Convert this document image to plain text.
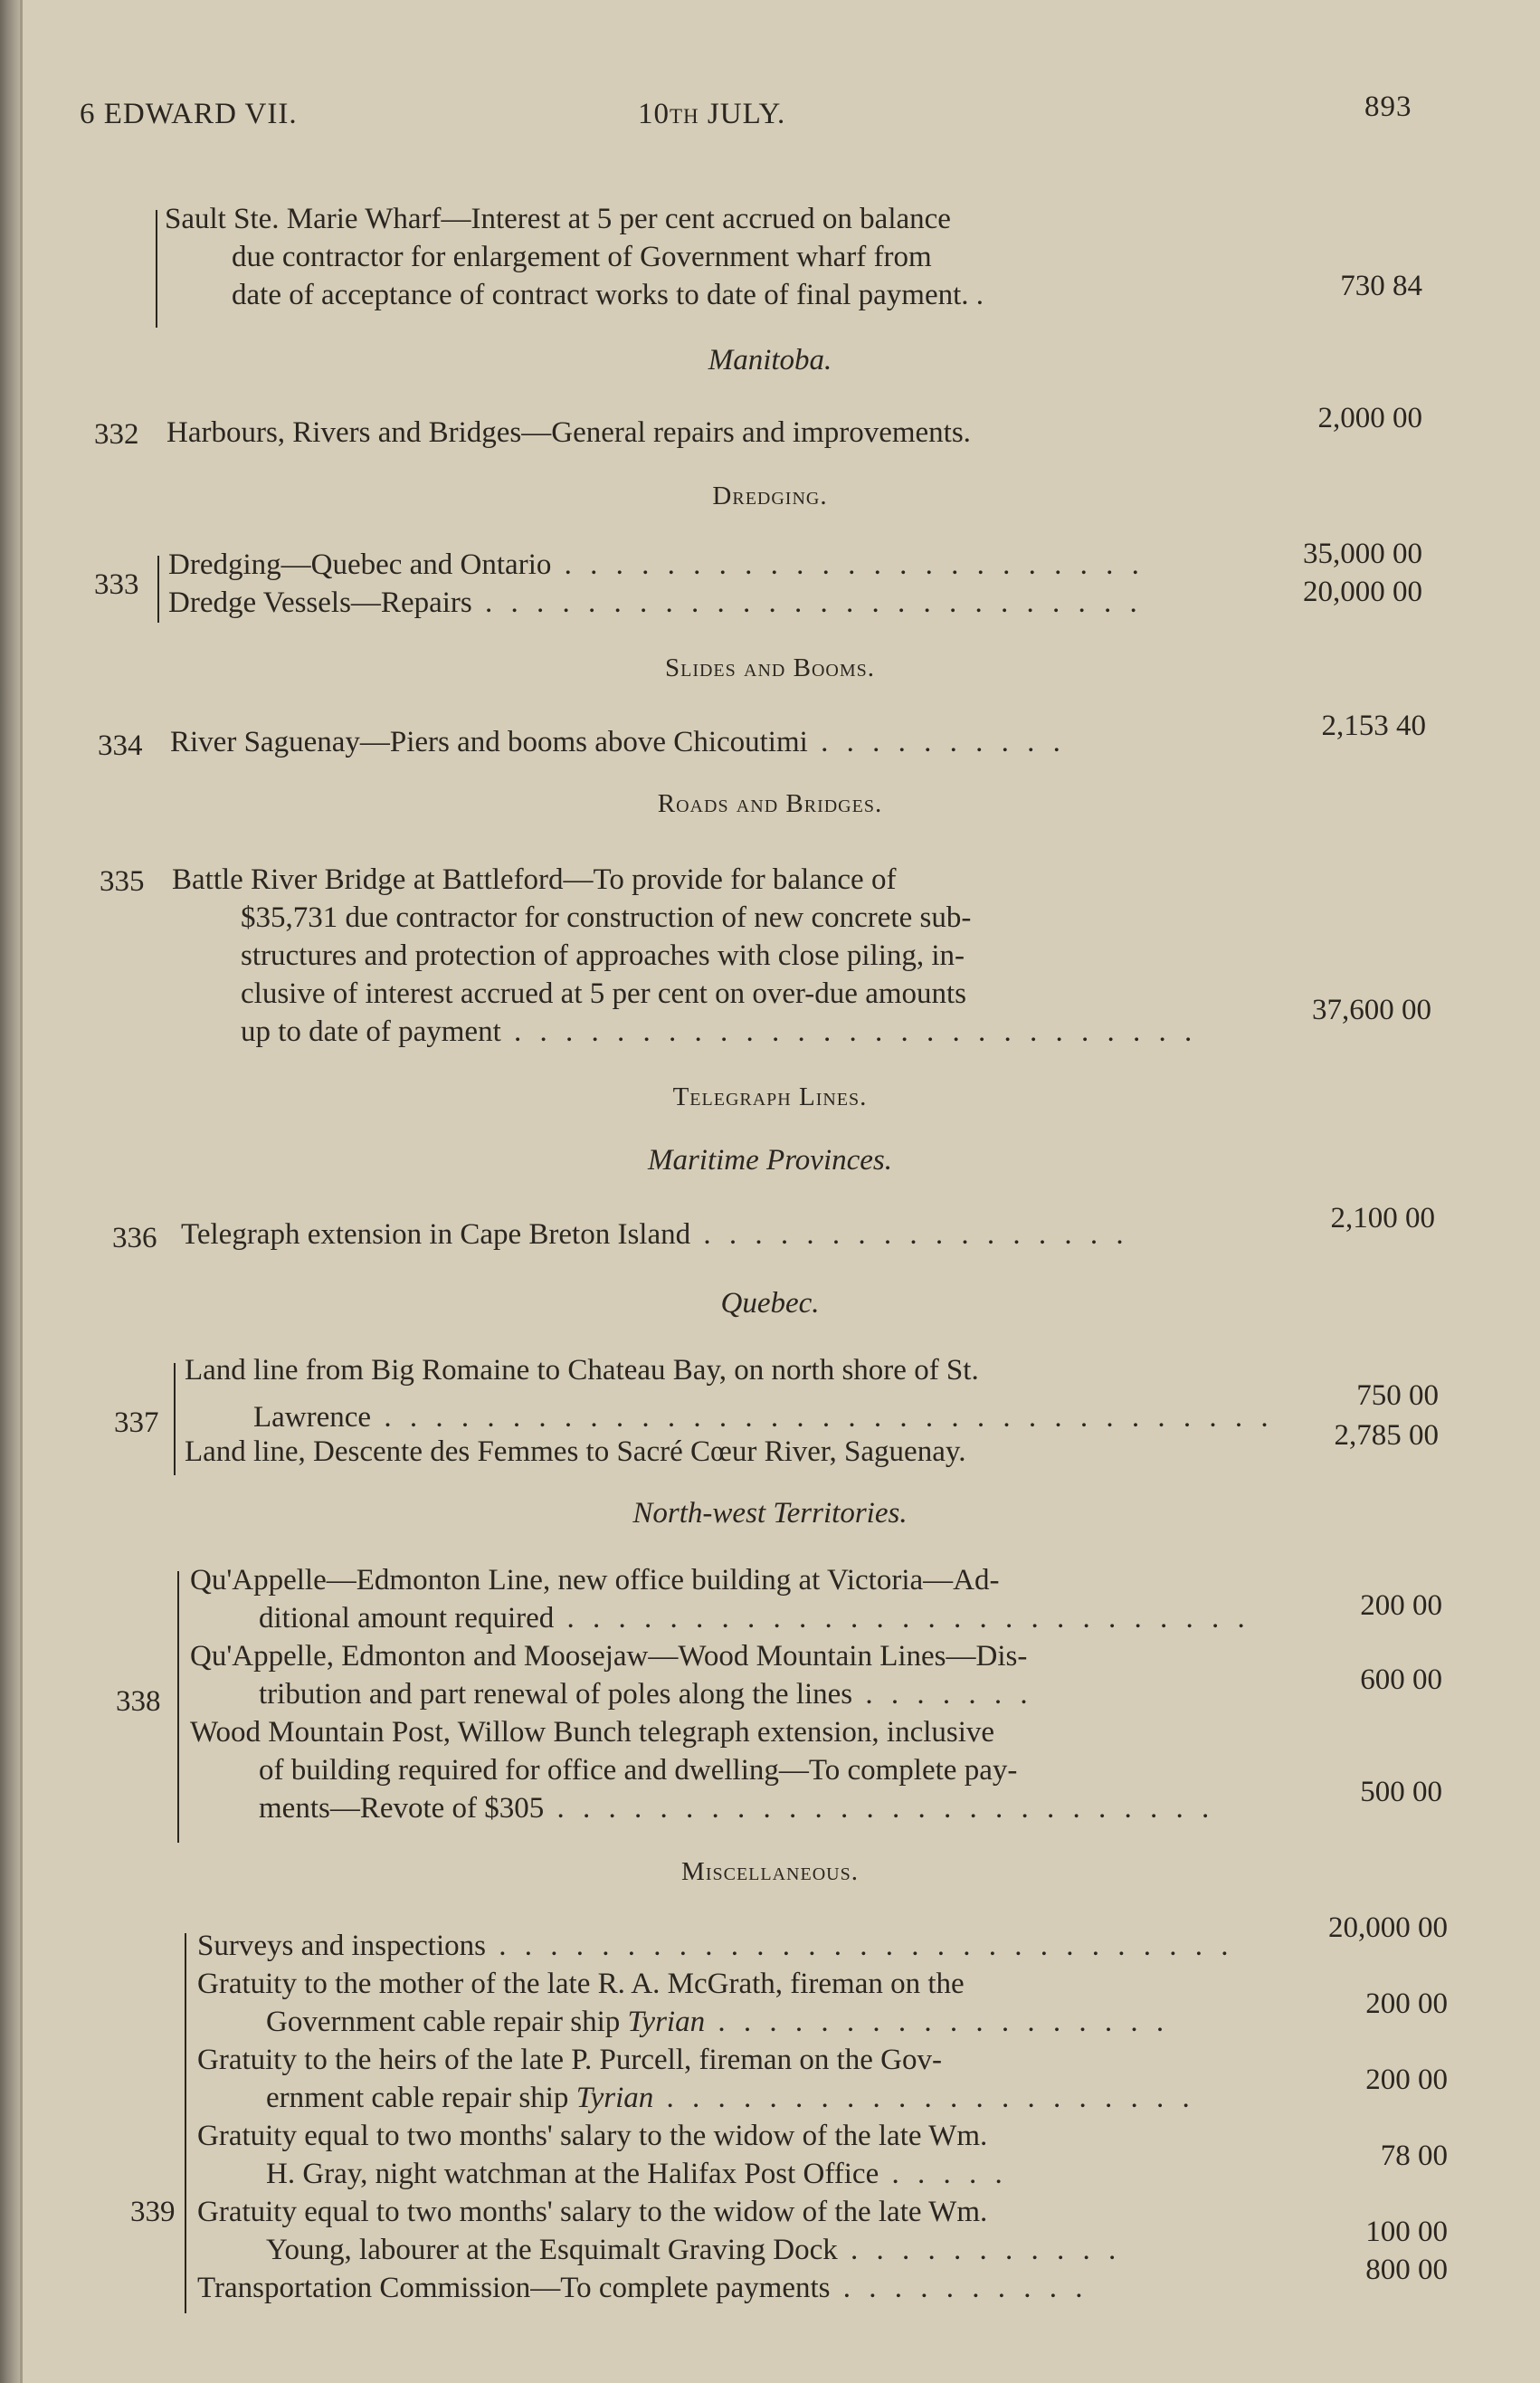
6 EDWARD VII.	10th JULY.	893
Sault Ste. Marie Wharf—Interest at 5 per cent accrued on balance
due contractor for enlargement of Government wharf from
date of acceptance of contract works to date of final payment. .	730 84
Manitoba.
332 Harbours, Rivers and Bridges—General repairs and improvements.	2,000 00
Dredging.
333
Dredging—Quebec and Ontario . . . . . . . . . . . . . . . . . . . . . . .	35,000 00
Dredge Vessels—Repairs . . . . . . . . . . . . . . . . . . . . . . . . . .	20,000 00
Slides and Booms.
334 River Saguenay—Piers and booms above Chicoutimi . . . . . . . . . .	2,153 40
Roads and Bridges.
335 Battle River Bridge at Battleford—To provide for balance of
$35,731 due contractor for construction of new concrete sub-
structures and protection of approaches with close piling, in-
clusive of interest accrued at 5 per cent on over-due amounts
up to date of payment . . . . . . . . . . . . . . . . . . . . . . . . . . .
37,600 00
Telegraph Lines.
Maritime Provinces.
336 Telegraph extension in Cape Breton Island . . . . . . . . . . . . . . . . .	2,100 00
Quebec.
337
Land line from Big Romaine to Chateau Bay, on north shore of St.
Lawrence . . . . . . . . . . . . . . . . . . . . . . . . . . . . . . . . . . .
750 00
Land line, Descente des Femmes to Sacré Cœur River, Saguenay.	2,785 00
North-west Territories.
338
Qu'Appelle—Edmonton Line, new office building at Victoria—Ad-
ditional amount required . . . . . . . . . . . . . . . . . . . . . . . . . . .	200 00
Qu'Appelle, Edmonton and Moosejaw—Wood Mountain Lines—Dis-
tribution and part renewal of poles along the lines . . . . . . .	600 00
Wood Mountain Post, Willow Bunch telegraph extension, inclusive
of building required for office and dwelling—To complete pay-
ments—Revote of $305 . . . . . . . . . . . . . . . . . . . . . . . . . .	500 00
Miscellaneous.
339
Surveys and inspections . . . . . . . . . . . . . . . . . . . . . . . . . . . . .
20,000 00
Gratuity to the mother of the late R. A. McGrath, fireman on the
Government cable repair ship Tyrian . . . . . . . . . . . . . . . . . .
200 00
Gratuity to the heirs of the late P. Purcell, fireman on the Gov-
ernment cable repair ship Tyrian . . . . . . . . . . . . . . . . . . . . .
200 00
Gratuity equal to two months' salary to the widow of the late Wm.
H. Gray, night watchman at the Halifax Post Office . . . . .
78 00
Gratuity equal to two months' salary to the widow of the late Wm.
Young, labourer at the Esquimalt Graving Dock . . . . . . . . . . .
100 00
Transportation Commission—To complete payments . . . . . . . . . .
800 00
